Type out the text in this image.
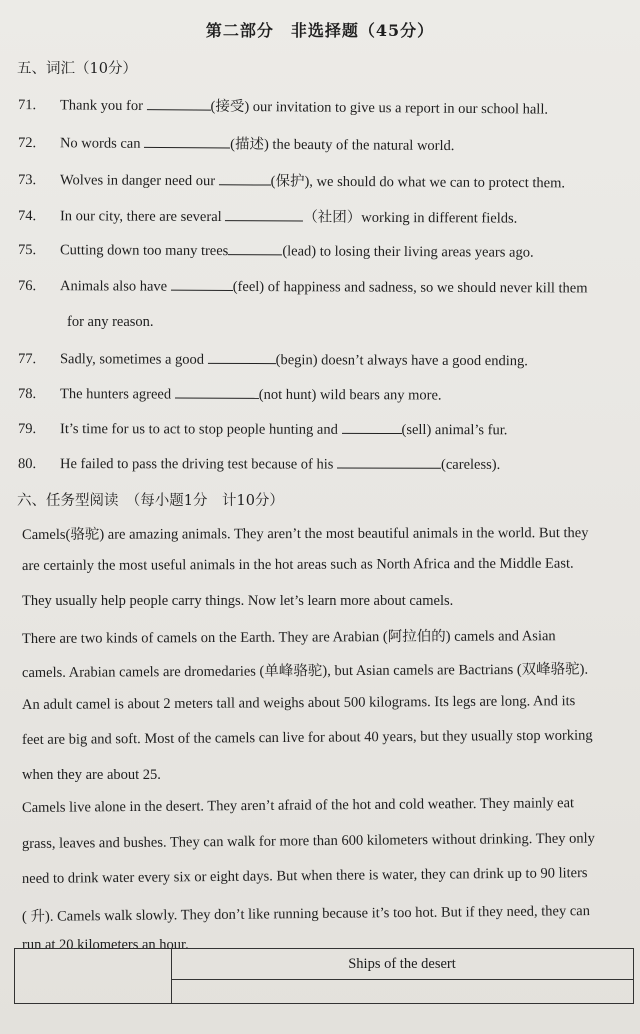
第二部分　非选择题（45分）
五、词汇（10分）
71. Thank you for	(接受) our invitation to give us a report in our school hall.
72. No words can	(描述) the beauty of the natural world.
73. Wolves in danger need our	(保护), we should do what we can to protect them.
74. In our city, there are several	（社团）working in different fields.
75. Cutting down too many trees	(lead) to losing their living areas years ago.
76. Animals also have	(feel) of happiness and sadness, so we should never kill them
for any reason.
77. Sadly, sometimes a good	(begin) doesn’t always have a good ending.
78. The hunters agreed	(not hunt) wild bears any more.
79. It’s time for us to act to stop people hunting and	(sell) animal’s fur.
80. He failed to pass the driving test because of his	(careless).
六、任务型阅读　（每小题1分　计10分）
Camels(骆驼) are amazing animals. They aren’t the most beautiful animals in the world. But they
are certainly the most useful animals in the hot areas such as North Africa and the Middle East.
They usually help people carry things. Now let’s learn more about camels.
There are two kinds of camels on the Earth. They are Arabian (阿拉伯的) camels and Asian
camels. Arabian camels are dromedaries (单峰骆驼), but Asian camels are Bactrians (双峰骆驼).
An adult camel is about 2 meters tall and weighs about 500 kilograms. Its legs are long. And its
feet are big and soft. Most of the camels can live for about 40 years, but they usually stop working
when they are about 25.
Camels live alone in the desert. They aren’t afraid of the hot and cold weather. They mainly eat
grass, leaves and bushes. They can walk for more than 600 kilometers without drinking. They only
need to drink water every six or eight days. But when there is water, they can drink up to 90 liters
( 升). Camels walk slowly. They don’t like running because it’s too hot. But if they need, they can
run at 20 kilometers an hour.
Ships of the desert
